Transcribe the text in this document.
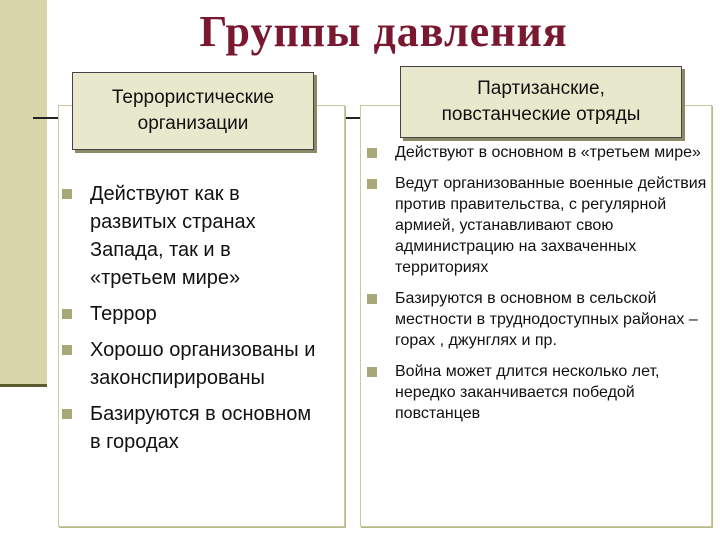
Группы давления
Террористические
организации
Партизанские,
повстанческие отряды
Действуют как в развитых странах Запада, так и в «третьем мире»
Террор
Хорошо организованы и законспирированы
Базируются в основном в городах
Действуют в основном в «третьем мире»
Ведут организованные военные действия против правительства, с регулярной армией, устанавливают свою администрацию на захваченных территориях
Базируются в основном в сельской местности в труднодоступных районах – горах , джунглях и пр.
Война может длится несколько лет, нередко заканчивается победой повстанцев
